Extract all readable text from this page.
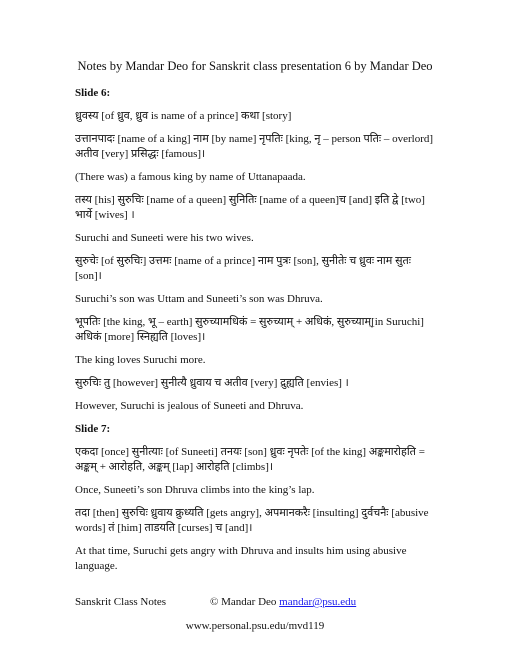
Notes by Mandar Deo for Sanskrit class presentation 6 by Mandar Deo

Slide 6:

ध्रुवस्य [of ध्रुव, ध्रुव is name of a prince] कथा [story]

उत्तानपादः [name of a king] नाम [by name] नृपतिः [king, नृ – person पतिः – overlord] अतीव [very] प्रसिद्धः [famous]।

(There was) a famous king by name of Uttanapaada.

तस्य [his] सुरुचिः [name of a queen] सुनितिः [name of a queen]च [and] इति द्वे [two] भार्ये [wives] ।

Suruchi and Suneeti were his two wives.

सुरुचेः [of सुरुचिः] उत्तमः [name of a prince] नाम पुत्रः [son], सुनीतेः च ध्रुवः नाम सुतः [son]।

Suruchi’s son was Uttam and Suneeti’s son was Dhruva.

भूपतिः [the king, भू – earth] सुरुच्यामधिकं = सुरुच्याम् + अधिकं, सुरुच्याम्[in Suruchi] अधिकं [more] स्निह्यति [loves]।

The king loves Suruchi more.

सुरुचिः तु [however] सुनीत्यै ध्रुवाय च अतीव [very] द्रुह्यति [envies] ।

However, Suruchi is jealous of Suneeti and Dhruva.

Slide 7:

एकदा [once] सुनीत्याः [of Suneeti] तनयः [son] ध्रुवः नृपतेः [of the king] अङ्कमारोहति = अङ्कम् + आरोहति, अङ्कम् [lap] आरोहति [climbs]।

Once, Suneeti’s son Dhruva climbs into the king’s lap.

तदा [then] सुरुचिः ध्रुवाय क्रुध्यति [gets angry], अपमानकरैः [insulting] दुर्वचनैः [abusive words] तं [him] ताडयति [curses] च [and]।

At that time, Suruchi gets angry with Dhruva and insults him using abusive language.

Sanskrit Class Notes	© Mandar Deo mandar@psu.edu
www.personal.psu.edu/mvd119
